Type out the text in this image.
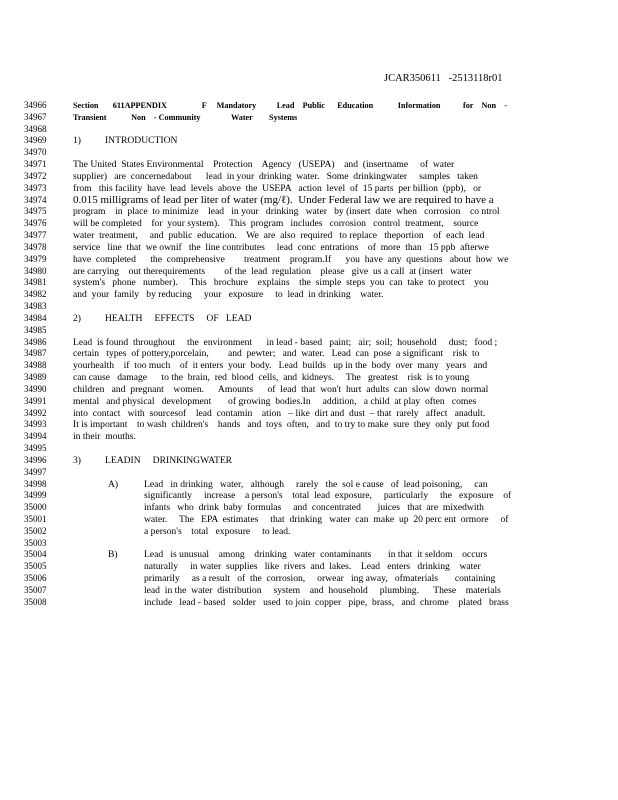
JCAR350611   -2513118r01
34966	Section       611APPENDIX                 F     Mandatory          Lead    Public      Education            Information           for    Non    -
34967	Transient            Non    - Community               Water        Systems
34968
34969	1)          INTRODUCTION
34970
34971	The United  States Environmental    Protection    Agency   (USEPA)    and  (insertname     of  water
34972	supplier)   are  concernedabout      lead  in your  drinking  water.   Some  drinkingwater     samples   taken
34973	from   this facility  have  lead  levels  above  the  USEPA   action  level  of  15 parts  per billion  (ppb),   or
34974	0.015 milligrams of lead per liter of water (mg/ℓ).  Under Federal law we are required to have a
34975	program    in  place  to minimize    lead   in your   drinking   water   by (insert  date  when   corrosion    co ntrol
34976	will be completed    for  your system).    This  program   includes   corrosion   control  treatment,    source
34977	water  treatment,     and  public  education.    We  are  also  required   to replace   theportion    of  each  lead
34978	service   line  that  we ownif   the  line contributes     lead  conc  entrations    of  more  than   15 ppb  afterwe
34979	have  completed      the  comprehensive        treatment    program.If      you  have  any  questions   about  how  we
34980	are carrying    out therequirements        of the  lead  regulation    please   give  us a call  at (insert   water
34981	system's   phone   number).     This   brochure    explains    the  simple  steps  you  can  take  to protect    you
34982	and  your  family   by reducing     your   exposure     to  lead  in drinking    water.
34983
34984	2)          HEALTH     EFFECTS     OF   LEAD
34985
34986	Lead  is found  throughout     the  environment      in lead - based   paint;   air;  soil;  household     dust;   food ;
34987	certain   types  of pottery,porcelain,        and  pewter;   and  water.   Lead  can  pose  a significant    risk  to
34988	yourhealth    if  too much    of  it enters  your  body.   Lead  builds   up in the  body  over  many   years   and
34989	can cause   damage      to the  brain,  red  blood  cells,  and  kidneys.     The   greatest    risk  is to young
34990	children   and  pregnant    women.      Amounts      of  lead  that  won't  hurt  adults  can  slow  down  normal
34991	mental   and physical   development       of growing  bodies.In     addition,   a child  at play  often   comes
34992	into  contact   with  sourcesof    lead  contamin    ation   – like  dirt and  dust  – that  rarely   affect   anadult.
34993	It is important    to wash  children's    hands   and  toys  often,   and  to try to make  sure  they  only  put food
34994	in their  mouths.
34995
34996	3)          LEADIN     DRINKINGWATER
34997
34998	A)	Lead   in drinking   water,   although     rarely   the  sol e cause   of  lead poisoning,     can
34999	significantly     increase    a person's    total  lead  exposure,     particularly     the   exposure    of
35000	infants   who  drink  baby  formulas     and  concentrated       juices   that  are  mixedwith
35001	water.     The   EPA  estimates     that  drinking   water  can  make  up  20 perc ent  ormore     of
35002	a person's    total   exposure     to lead.
35003
35004	B)	Lead   is unusual    among    drinking   water  contaminants       in that  it seldom    occurs
35005	naturally     in water  supplies   like  rivers  and  lakes.    Lead   enters   drinking    water
35006	primarily     as a result   of  the  corrosion,     orwear   ing away,   ofmaterials       containing
35007	lead  in the  water  distribution     system    and  household     plumbing.      These    materials
35008	include   lead - based   solder   used  to join  copper   pipe,  brass,   and  chrome    plated   brass
